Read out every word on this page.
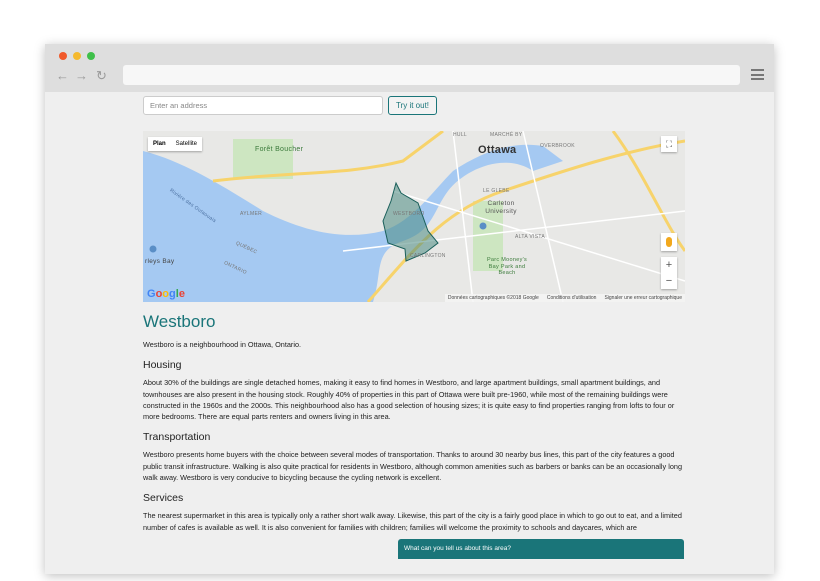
← → ↻
Enter an address	Try it out!
Ottawa
Forêt Boucher
AYLMER	WESTBORO
CARLINGTON
Carleton University
LE GLEBE
ALTA VISTA
Parc Mooney's Bay Park and Beach
MARCHÉ BY
HULL
OVERBROOK
QUÉBEC
ONTARIO
Rivière des Outaouais
rleys Bay
Plan	Satellite	⛶
+
−
Google	Données cartographiques ©2018 Google Conditions d'utilisation Signaler une erreur cartographique
Westboro

Westboro is a neighbourhood in Ottawa, Ontario.

Housing

About 30% of the buildings are single detached homes, making it easy to find homes in Westboro, and large apartment buildings, small apartment buildings, and townhouses are also present in the housing stock. Roughly 40% of properties in this part of Ottawa were built pre-1960, while most of the remaining buildings were constructed in the 1960s and the 2000s. This neighbourhood also has a good selection of housing sizes; it is quite easy to find properties ranging from lofts to four or more bedrooms. There are equal parts renters and owners living in this area.

Transportation

Westboro presents home buyers with the choice between several modes of transportation. Thanks to around 30 nearby bus lines, this part of the city features a good public transit infrastructure. Walking is also quite practical for residents in Westboro, although common amenities such as barbers or banks can be an occasionally long walk away. Westboro is very conducive to bicycling because the cycling network is excellent.

Services

The nearest supermarket in this area is typically only a rather short walk away. Likewise, this part of the city is a fairly good place in which to go out to eat, and a limited number of cafes is available as well. It is also convenient for families with children; families will welcome the proximity to schools and daycares, which are

What can you tell us about this area?
